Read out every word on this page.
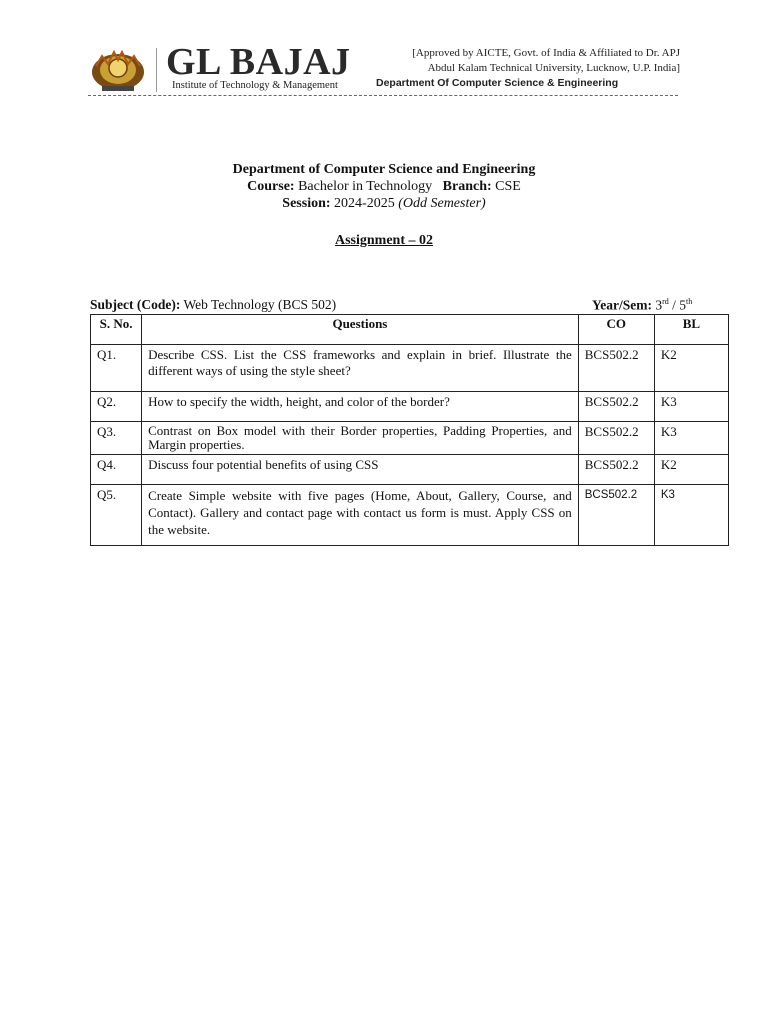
GL BAJAJ
Institute of Technology & Management
[Approved by AICTE, Govt. of India & Affiliated to Dr. APJ
Abdul Kalam Technical University, Lucknow, U.P. India]
Department Of Computer Science & Engineering
Department of Computer Science and Engineering
Course: Bachelor in Technology Branch: CSE
Session: 2024-2025 (Odd Semester)
Assignment – 02
Subject (Code): Web Technology (BCS 502)	Year/Sem: 3rd / 5th
S. No.	Questions	CO	BL
Q1.	Describe CSS. List the CSS frameworks and explain in brief. Illustrate the different ways of using the style sheet?	BCS502.2	K2
Q2.	How to specify the width, height, and color of the border?	BCS502.2	K3
Q3.	Contrast on Box model with their Border properties, Padding Properties, and Margin properties.	BCS502.2	K3
Q4.	Discuss four potential benefits of using CSS	BCS502.2	K2
Q5.	Create Simple website with five pages (Home, About, Gallery, Course, and Contact). Gallery and contact page with contact us form is must. Apply CSS on the website.	BCS502.2	K3
